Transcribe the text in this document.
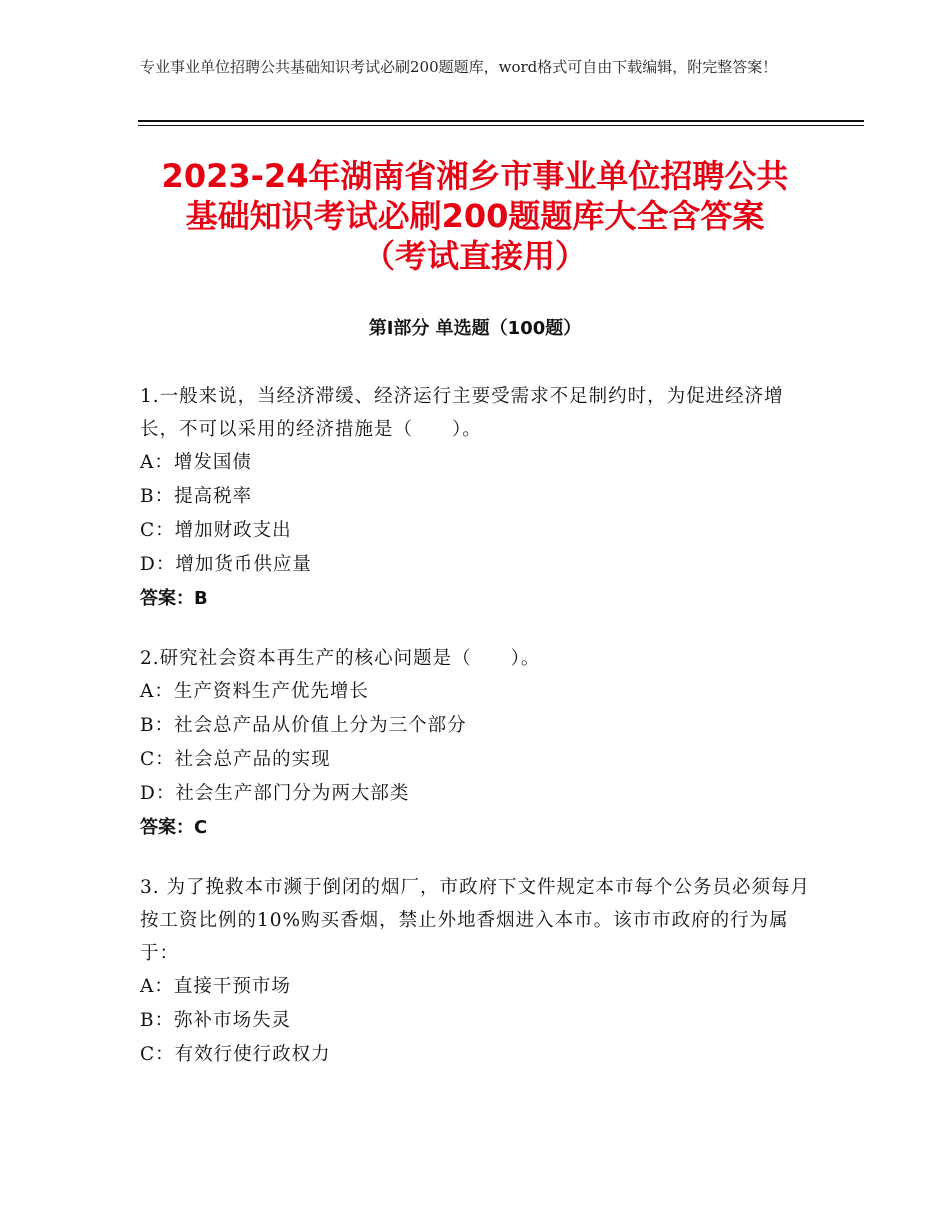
专业事业单位招聘公共基础知识考试必刷200题题库，word格式可自由下载编辑，附完整答案！
2023-24年湖南省湘乡市事业单位招聘公共
基础知识考试必刷200题题库大全含答案
（考试直接用）
第Ⅰ部分 单选题（100题）

1.一般来说，当经济滞缓、经济运行主要受需求不足制约时，为促进经济增长，不可以采用的经济措施是（　　）。

A：增发国债

B：提高税率

C：增加财政支出

D：增加货币供应量

答案：B

2.研究社会资本再生产的核心问题是（　　）。

A：生产资料生产优先增长

B：社会总产品从价值上分为三个部分

C：社会总产品的实现

D：社会生产部门分为两大部类

答案：C

3. 为了挽救本市濒于倒闭的烟厂，市政府下文件规定本市每个公务员必须每月按工资比例的10%购买香烟，禁止外地香烟进入本市。该市市政府的行为属于：

A：直接干预市场

B：弥补市场失灵

C：有效行使行政权力
